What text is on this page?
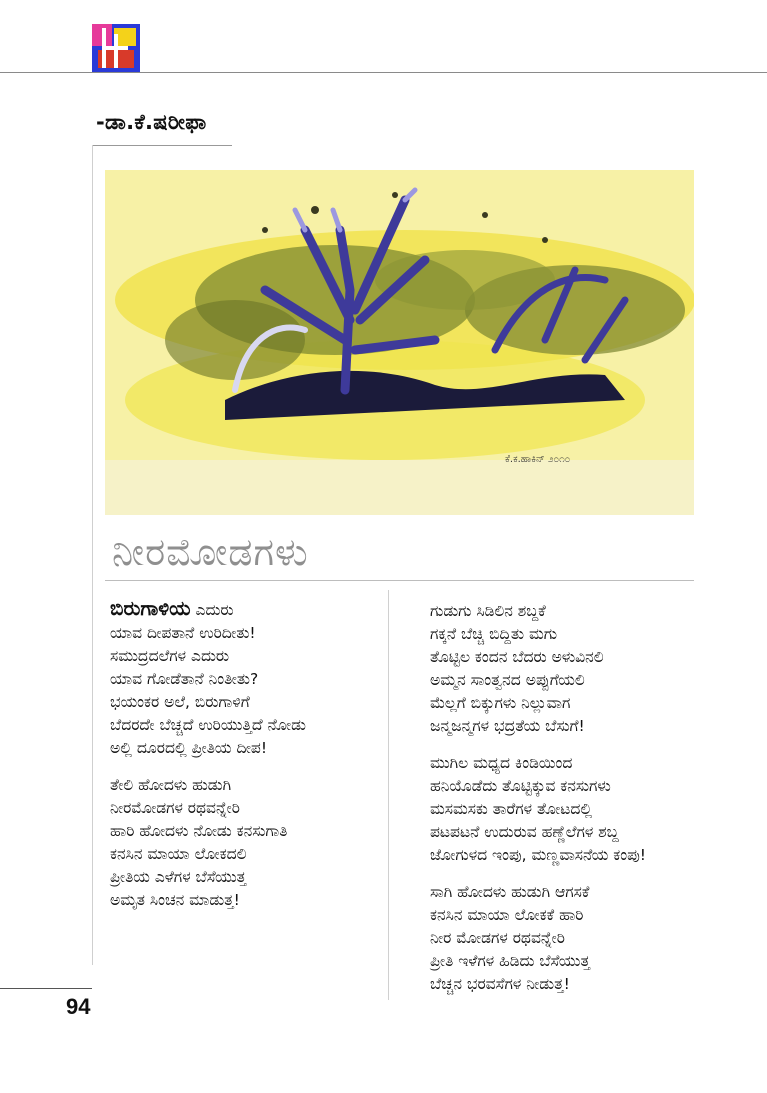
-ಡಾ.ಕೆ.ಷರೀಫಾ
ಕೆ.ಕ.ಹಾಕಿನ್ ೨೦೧೦
ನೀರಮೋಡಗಳು

ಬಿರುಗಾಳಿಯ ಎದುರು
ಯಾವ ದೀಪತಾನೆ ಉರಿದೀತು!
ಸಮುದ್ರದಲೆಗಳ ಎದುರು
ಯಾವ ಗೋಡೆತಾನೆ ನಿಂತೀತು?
ಭಯಂಕರ ಅಲೆ, ಬಿರುಗಾಳಿಗೆ
ಬೆದರದೇ ಬೆಚ್ಚದೆ ಉರಿಯುತ್ತಿದೆ ನೋಡು
ಅಲ್ಲಿ ದೂರದಲ್ಲಿ ಪ್ರೀತಿಯ ದೀಪ!

ತೇಲಿ ಹೋದಳು ಹುಡುಗಿ
ನೀರಮೋಡಗಳ ರಥವನ್ನೇರಿ
ಹಾರಿ ಹೋದಳು ನೋಡು ಕನಸುಗಾತಿ
ಕನಸಿನ ಮಾಯಾ ಲೋಕದಲಿ
ಪ್ರೀತಿಯ ಎಳೆಗಳ ಬೆಸೆಯುತ್ತ
ಅಮೃತ ಸಿಂಚನ ಮಾಡುತ್ತ!

ಗುಡುಗು ಸಿಡಿಲಿನ ಶಬ್ದಕೆ
ಗಕ್ಕನೆ ಬೆಚ್ಚಿ ಬಿದ್ದಿತು ಮಗು
ತೊಟ್ಟಿಲ ಕಂದನ ಬೆದರು ಅಳುವಿನಲಿ
ಅಮ್ಮನ ಸಾಂತ್ವನದ ಅಪ್ಪುಗೆಯಲಿ
ಮೆಲ್ಲಗೆ ಬಿಕ್ಕುಗಳು ನಿಲ್ಲುವಾಗ
ಜನ್ಮಜನ್ಮಗಳ ಭದ್ರತೆಯ ಬೆಸುಗೆ!

ಮುಗಿಲ ಮಧ್ಯದ ಕಿಂಡಿಯಿಂದ
ಹನಿಯೊಡೆದು ತೊಟ್ಟಿಕ್ಕುವ ಕನಸುಗಳು
ಮಸಮಸಕು ತಾರೆಗಳ ತೋಟದಲ್ಲಿ
ಪಟಪಟನೆ ಉದುರುವ ಹಣ್ಣೆಲೆಗಳ ಶಬ್ದ
ಜೋಗುಳದ ಇಂಪು, ಮಣ್ಣವಾಸನೆಯ ಕಂಪು!

ಸಾಗಿ ಹೋದಳು ಹುಡುಗಿ ಆಗಸಕೆ
ಕನಸಿನ ಮಾಯಾ ಲೋಕಕೆ ಹಾರಿ
ನೀರ ಮೋಡಗಳ ರಥವನ್ನೇರಿ
ಪ್ರೀತಿ ಇಳೆಗಳ ಹಿಡಿದು ಬೆಸೆಯುತ್ತ
ಬೆಚ್ಚನ ಭರವಸೆಗಳ ನೀಡುತ್ತ!

94
